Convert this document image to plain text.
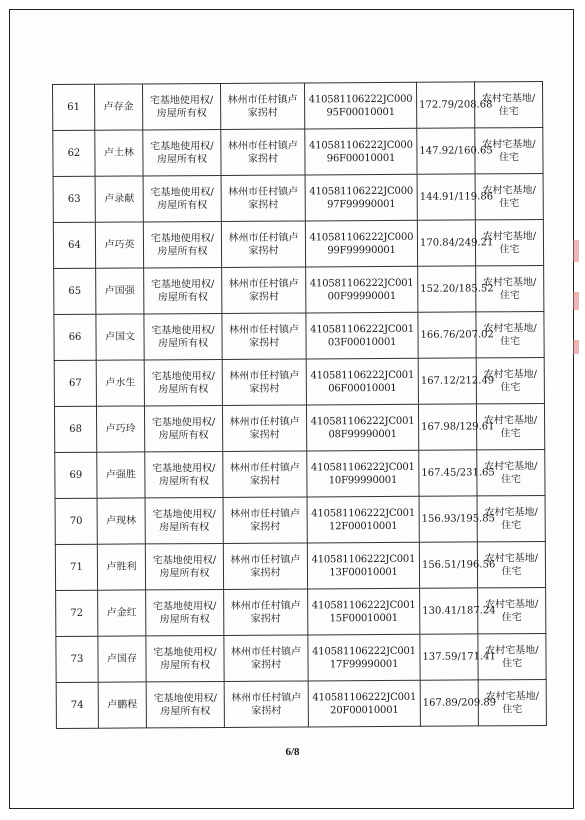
61	卢存金	宅基地使用权/房屋所有权	林州市任村镇卢家拐村	410581106222JC00095F00010001	172.79/208.68	农村宅基地/住宅
62	卢土林	宅基地使用权/房屋所有权	林州市任村镇卢家拐村	410581106222JC00096F00010001	147.92/160.65	农村宅基地/住宅
63	卢录献	宅基地使用权/房屋所有权	林州市任村镇卢家拐村	410581106222JC00097F99990001	144.91/119.86	农村宅基地/住宅
64	卢巧英	宅基地使用权/房屋所有权	林州市任村镇卢家拐村	410581106222JC00099F99990001	170.84/249.21	农村宅基地/住宅
65	卢国强	宅基地使用权/房屋所有权	林州市任村镇卢家拐村	410581106222JC00100F99990001	152.20/185.52	农村宅基地/住宅
66	卢国文	宅基地使用权/房屋所有权	林州市任村镇卢家拐村	410581106222JC00103F00010001	166.76/207.02	农村宅基地/住宅
67	卢水生	宅基地使用权/房屋所有权	林州市任村镇卢家拐村	410581106222JC00106F00010001	167.12/212.49	农村宅基地/住宅
68	卢巧玲	宅基地使用权/房屋所有权	林州市任村镇卢家拐村	410581106222JC00108F99990001	167.98/129.61	农村宅基地/住宅
69	卢强胜	宅基地使用权/房屋所有权	林州市任村镇卢家拐村	410581106222JC00110F99990001	167.45/231.65	农村宅基地/住宅
70	卢现林	宅基地使用权/房屋所有权	林州市任村镇卢家拐村	410581106222JC00112F00010001	156.93/195.85	农村宅基地/住宅
71	卢胜利	宅基地使用权/房屋所有权	林州市任村镇卢家拐村	410581106222JC00113F00010001	156.51/196.56	农村宅基地/住宅
72	卢金红	宅基地使用权/房屋所有权	林州市任村镇卢家拐村	410581106222JC00115F00010001	130.41/187.24	农村宅基地/住宅
73	卢国存	宅基地使用权/房屋所有权	林州市任村镇卢家拐村	410581106222JC00117F99990001	137.59/171.41	农村宅基地/住宅
74	卢鹏程	宅基地使用权/房屋所有权	林州市任村镇卢家拐村	410581106222JC00120F00010001	167.89/209.89	农村宅基地/住宅
6/8
